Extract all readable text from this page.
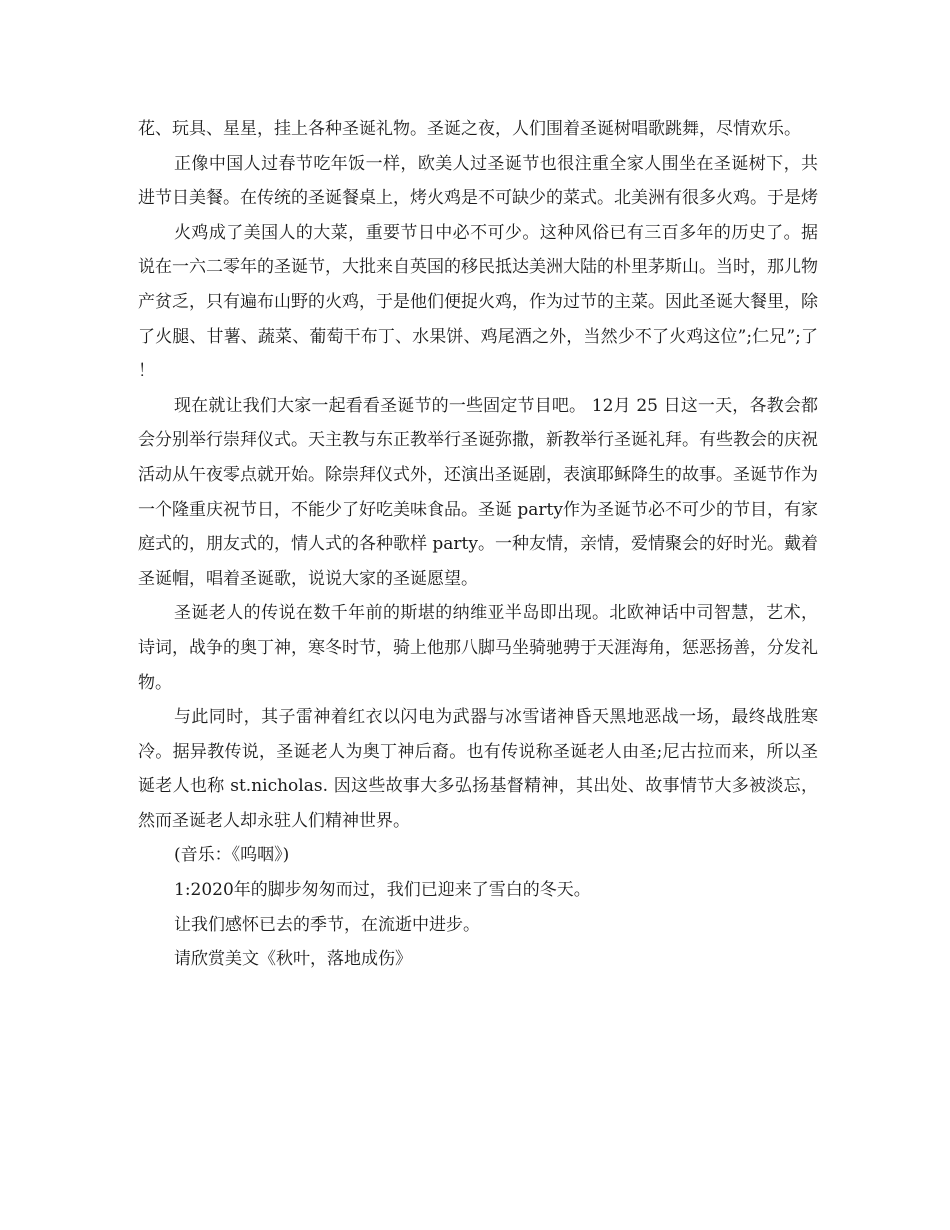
花、玩具、星星，挂上各种圣诞礼物。圣诞之夜，人们围着圣诞树唱歌跳舞，尽情欢乐。

正像中国人过春节吃年饭一样，欧美人过圣诞节也很注重全家人围坐在圣诞树下，共进节日美餐。在传统的圣诞餐桌上，烤火鸡是不可缺少的菜式。北美洲有很多火鸡。于是烤

火鸡成了美国人的大菜，重要节日中必不可少。这种风俗已有三百多年的历史了。据说在一六二零年的圣诞节，大批来自英国的移民抵达美洲大陆的朴里茅斯山。当时，那儿物产贫乏，只有遍布山野的火鸡，于是他们便捉火鸡，作为过节的主菜。因此圣诞大餐里，除了火腿、甘薯、蔬菜、葡萄干布丁、水果饼、鸡尾酒之外，当然少不了火鸡这位”;仁兄”;了 ！

现在就让我们大家一起看看圣诞节的一些固定节目吧。 12月 25 日这一天，各教会都会分别举行崇拜仪式。天主教与东正教举行圣诞弥撒，新教举行圣诞礼拜。有些教会的庆祝活动从午夜零点就开始。除崇拜仪式外，还演出圣诞剧，表演耶稣降生的故事。圣诞节作为一个隆重庆祝节日，不能少了好吃美味食品。圣诞 party作为圣诞节必不可少的节目，有家庭式的，朋友式的，情人式的各种歌样 party。一种友情，亲情，爱情聚会的好时光。戴着圣诞帽，唱着圣诞歌，说说大家的圣诞愿望。

圣诞老人的传说在数千年前的斯堪的纳维亚半岛即出现。北欧神话中司智慧，艺术，诗词，战争的奥丁神，寒冬时节，骑上他那八脚马坐骑驰骋于天涯海角，惩恶扬善，分发礼物。

与此同时，其子雷神着红衣以闪电为武器与冰雪诸神昏天黑地恶战一场，最终战胜寒冷。据异教传说，圣诞老人为奥丁神后裔。也有传说称圣诞老人由圣;尼古拉而来，所以圣诞老人也称 st.nicholas. 因这些故事大多弘扬基督精神，其出处、故事情节大多被淡忘，然而圣诞老人却永驻人们精神世界。

(音乐：《呜咽》)

1:2020年的脚步匆匆而过，我们已迎来了雪白的冬天。

让我们感怀已去的季节，在流逝中进步。

请欣赏美文《秋叶，落地成伤》
